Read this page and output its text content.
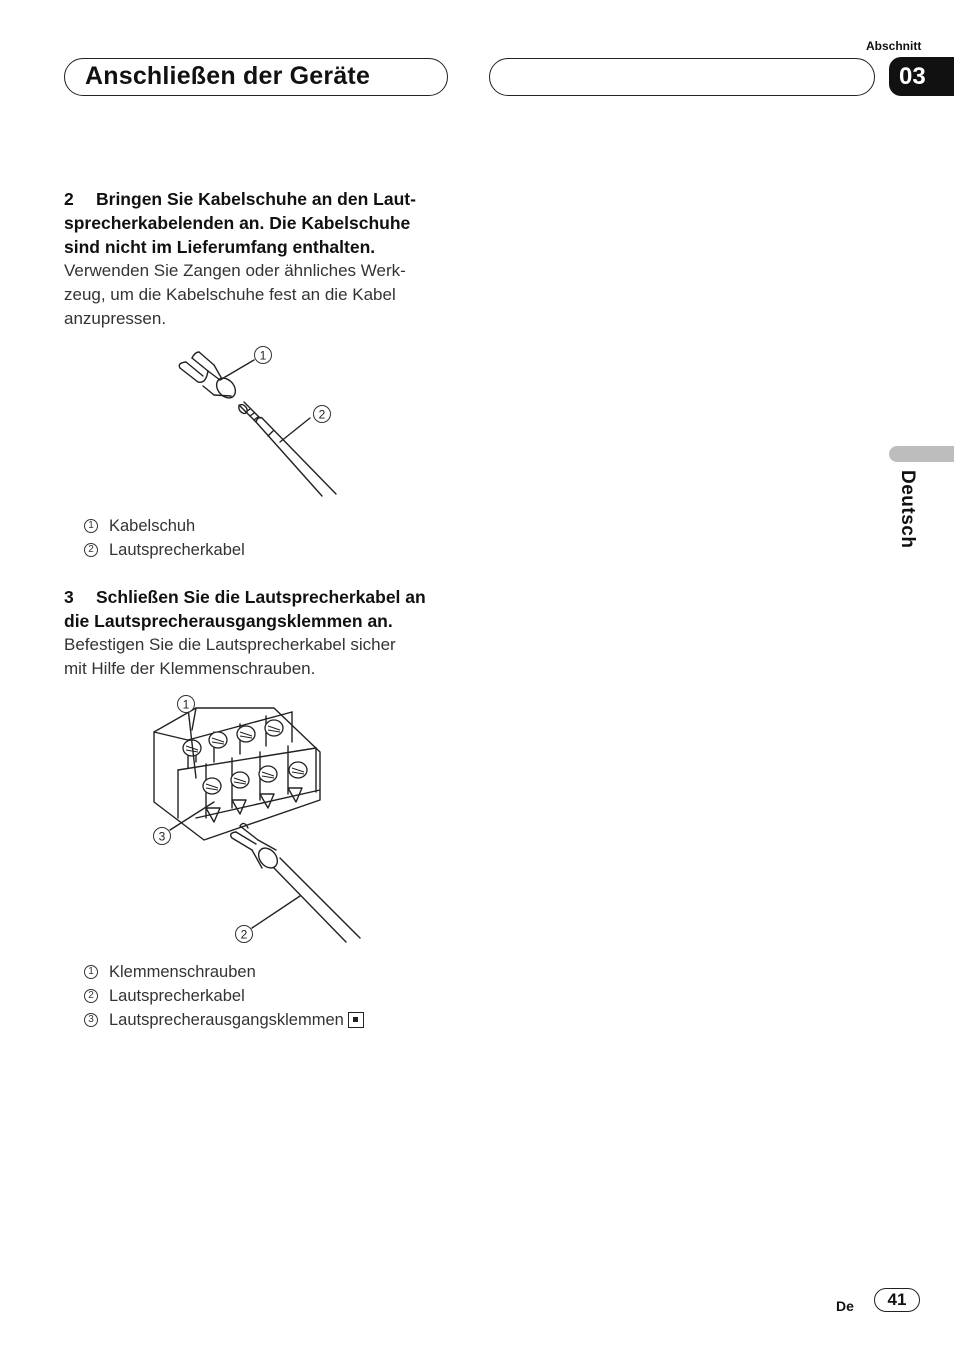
Anschließen der Geräte
Abschnitt
03
Deutsch
2 Bringen Sie Kabelschuhe an den Laut-
sprecherkabelenden an. Die Kabelschuhe
sind nicht im Lieferumfang enthalten.
Verwenden Sie Zangen oder ähnliches Werk-
zeug, um die Kabelschuhe fest an die Kabel
anzupressen.
1
2
1 Kabelschuh
2 Lautsprecherkabel
3 Schließen Sie die Lautsprecherkabel an
die Lautsprecherausgangsklemmen an.
Befestigen Sie die Lautsprecherkabel sicher
mit Hilfe der Klemmenschrauben.
1
3
2
1 Klemmenschrauben
2 Lautsprecherkabel
3 Lautsprecherausgangsklemmen
De	41
